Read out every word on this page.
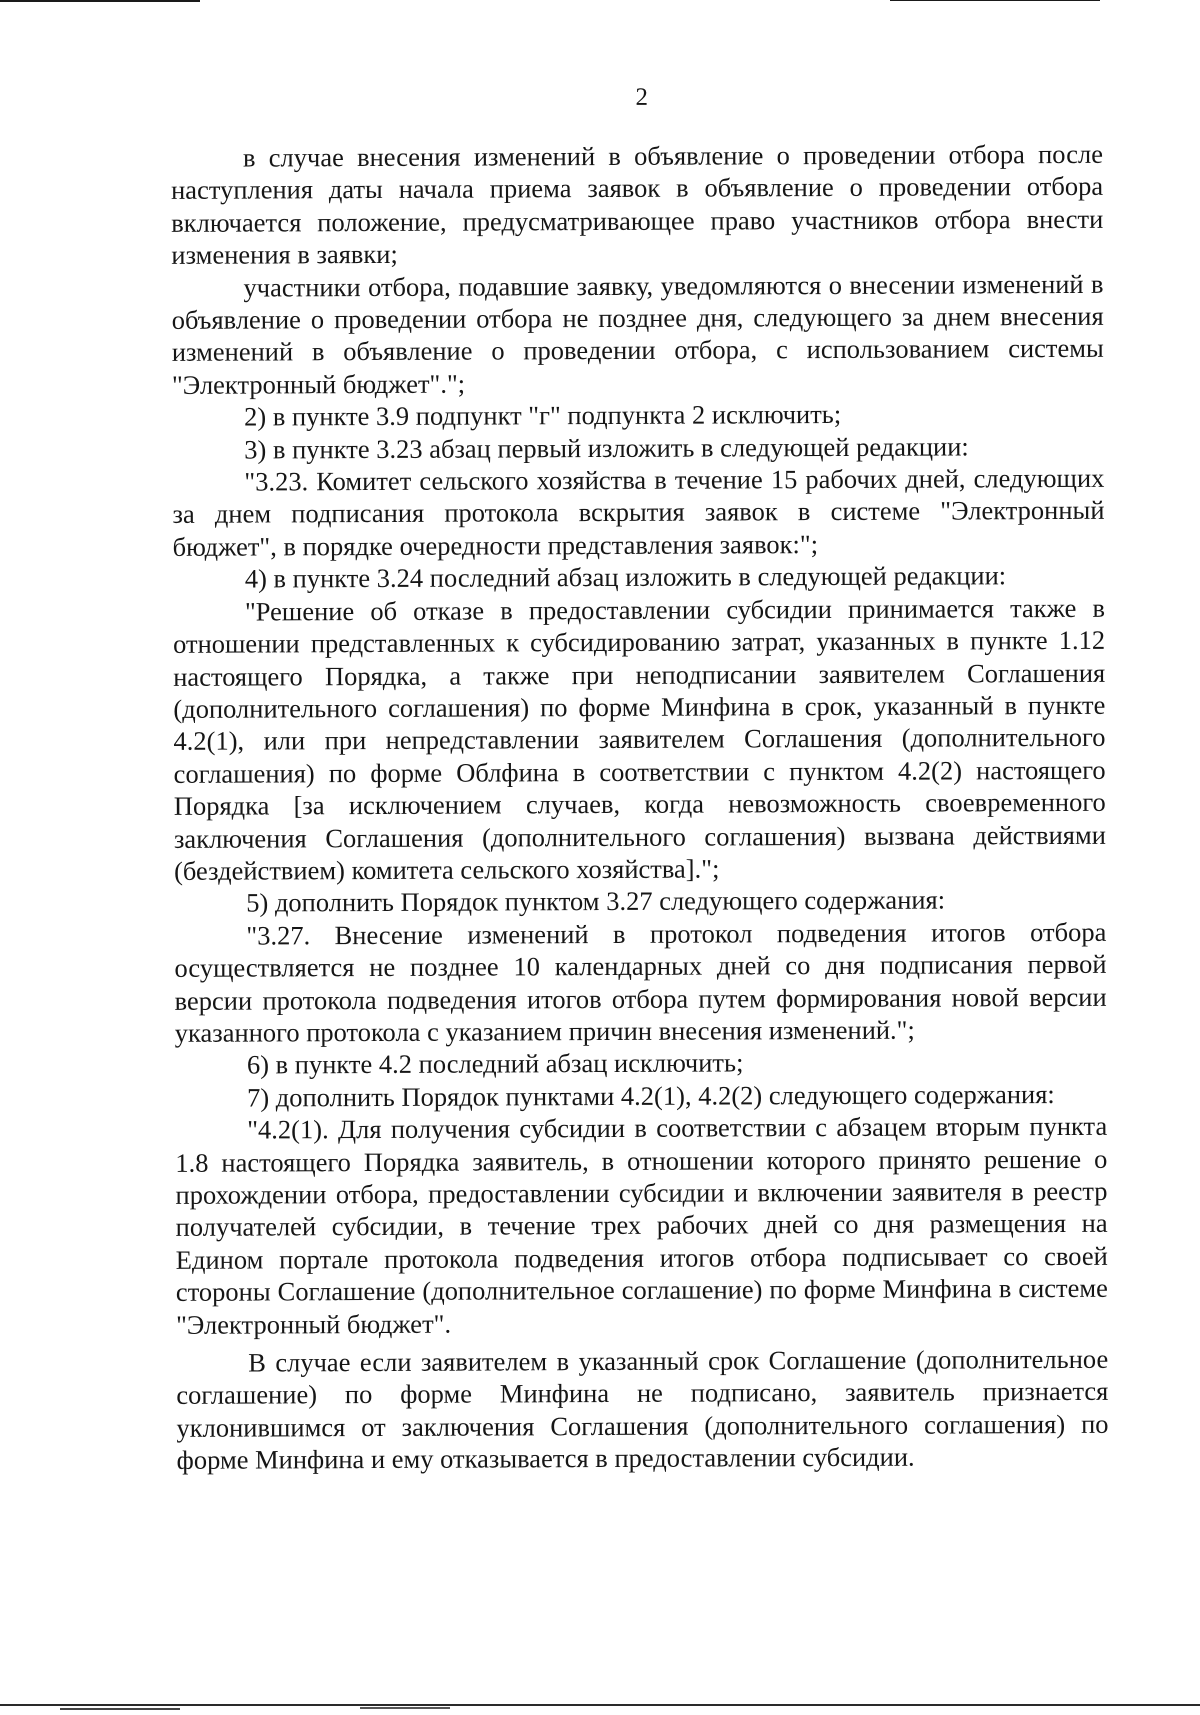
2

в случае внесения изменений в объявление о проведении отбора после наступления даты начала приема заявок в объявление о проведении отбора включается положение, предусматривающее право участников отбора внести изменения в заявки;

участники отбора, подавшие заявку, уведомляются о внесении изменений в объявление о проведении отбора не позднее дня, следующего за днем внесения изменений в объявление о проведении отбора, с использованием системы "Электронный бюджет".";

2) в пункте 3.9 подпункт "г" подпункта 2 исключить;

3) в пункте 3.23 абзац первый изложить в следующей редакции:

"3.23. Комитет сельского хозяйства в течение 15 рабочих дней, следующих за днем подписания протокола вскрытия заявок в системе "Электронный бюджет", в порядке очередности представления заявок:";

4) в пункте 3.24 последний абзац изложить в следующей редакции:

"Решение об отказе в предоставлении субсидии принимается также в отношении представленных к субсидированию затрат, указанных в пункте 1.12 настоящего Порядка, а также при неподписании заявителем Соглашения (дополнительного соглашения) по форме Минфина в срок, указанный в пункте 4.2(1), или при непредставлении заявителем Соглашения (дополнительного соглашения) по форме Облфина в соответствии с пунктом 4.2(2) настоящего Порядка [за исключением случаев, когда невозможность своевременного заключения Соглашения (дополнительного соглашения) вызвана действиями (бездействием) комитета сельского хозяйства].";

5) дополнить Порядок пунктом 3.27 следующего содержания:

"3.27. Внесение изменений в протокол подведения итогов отбора осуществляется не позднее 10 календарных дней со дня подписания первой версии протокола подведения итогов отбора путем формирования новой версии указанного протокола с указанием причин внесения изменений.";

6) в пункте 4.2 последний абзац исключить;

7) дополнить Порядок пунктами 4.2(1), 4.2(2) следующего содержания:

"4.2(1). Для получения субсидии в соответствии с абзацем вторым пункта 1.8 настоящего Порядка заявитель, в отношении которого принято решение о прохождении отбора, предоставлении субсидии и включении заявителя в реестр получателей субсидии, в течение трех рабочих дней со дня размещения на Едином портале протокола подведения итогов отбора подписывает со своей стороны Соглашение (дополнительное соглашение) по форме Минфина в системе "Электронный бюджет".

В случае если заявителем в указанный срок Соглашение (дополнительное соглашение) по форме Минфина не подписано, заявитель признается уклонившимся от заключения Соглашения (дополнительного соглашения) по форме Минфина и ему отказывается в предоставлении субсидии.
